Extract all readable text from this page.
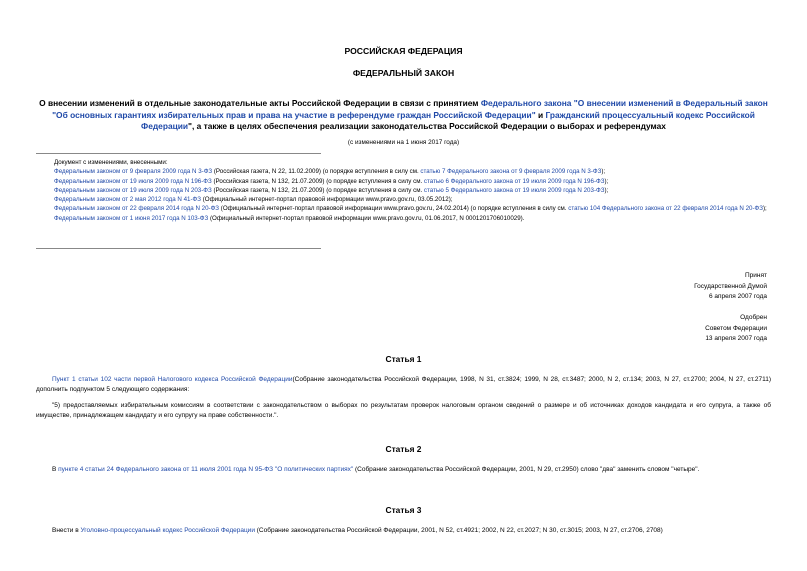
РОССИЙСКАЯ ФЕДЕРАЦИЯ
ФЕДЕРАЛЬНЫЙ ЗАКОН
О внесении изменений в отдельные законодательные акты Российской Федерации в связи с принятием Федерального закона "О внесении изменений в Федеральный закон "Об основных гарантиях избирательных прав и права на участие в референдуме граждан Российской Федерации" и Гражданский процессуальный кодекс Российской Федерации", а также в целях обеспечения реализации законодательства Российской Федерации о выборах и референдумах
(с изменениями на 1 июня 2017 года)
Документ с изменениями, внесенными:
Федеральным законом от 9 февраля 2009 года N 3-ФЗ (Российская газета, N 22, 11.02.2009) (о порядке вступления в силу см. статью 7 Федерального закона от 9 февраля 2009 года N 3-ФЗ);
Федеральным законом от 19 июля 2009 года N 196-ФЗ (Российская газета, N 132, 21.07.2009) (о порядке вступления в силу см. статью 6 Федерального закона от 19 июля 2009 года N 196-ФЗ);
Федеральным законом от 19 июля 2009 года N 203-ФЗ (Российская газета, N 132, 21.07.2009) (о порядке вступления в силу см. статью 5 Федерального закона от 19 июля 2009 года N 203-ФЗ);
Федеральным законом от 2 мая 2012 года N 41-ФЗ (Официальный интернет-портал правовой информации www.pravo.gov.ru, 03.05.2012);
Федеральным законом от 22 февраля 2014 года N 20-ФЗ (Официальный интернет-портал правовой информации www.pravo.gov.ru, 24.02.2014) (о порядке вступления в силу см. статью 104 Федерального закона от 22 февраля 2014 года N 20-ФЗ);
Федеральным законом от 1 июня 2017 года N 103-ФЗ (Официальный интернет-портал правовой информации www.pravo.gov.ru, 01.06.2017, N 0001201706010029).
Принят
Государственной Думой
6 апреля 2007 года
Одобрен
Советом Федерации
13 апреля 2007 года
Статья 1
Пункт 1 статьи 102 части первой Налогового кодекса Российской Федерации(Собрание законодательства Российской Федерации, 1998, N 31, ст.3824; 1999, N 28, ст.3487; 2000, N 2, ст.134; 2003, N 27, ст.2700; 2004, N 27, ст.2711) дополнить подпунктом 5 следующего содержания:
"5) предоставляемых избирательным комиссиям в соответствии с законодательством о выборах по результатам проверок налоговым органом сведений о размере и об источниках доходов кандидата и его супруга, а также об имуществе, принадлежащем кандидату и его супругу на праве собственности.".
Статья 2
В пункте 4 статьи 24 Федерального закона от 11 июля 2001 года N 95-ФЗ "О политических партиях" (Собрание законодательства Российской Федерации, 2001, N 29, ст.2950) слово "два" заменить словом "четыре".
Статья 3
Внести в Уголовно-процессуальный кодекс Российской Федерации (Собрание законодательства Российской Федерации, 2001, N 52, ст.4921; 2002, N 22, ст.2027; N 30, ст.3015; 2003, N 27, ст.2706, 2708)
